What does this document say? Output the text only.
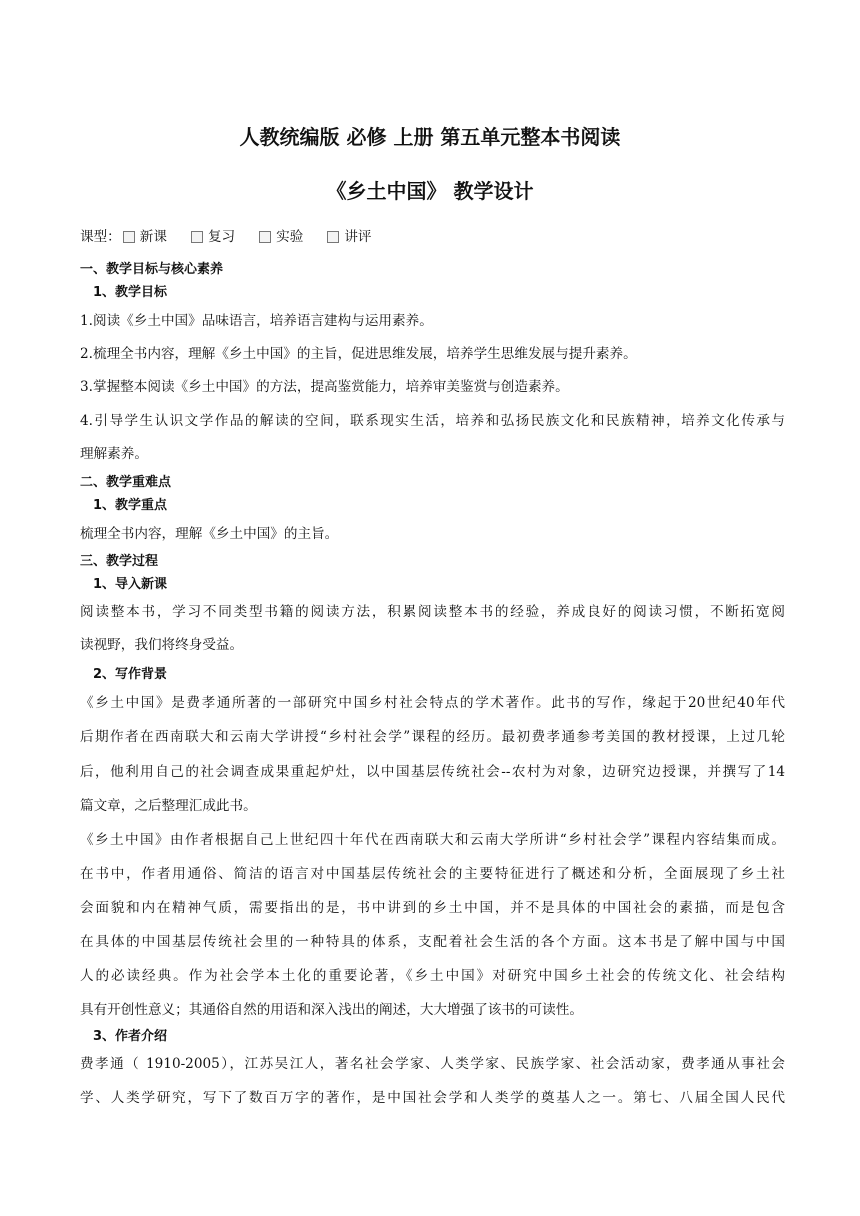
人教统编版 必修 上册 第五单元整本书阅读
《乡土中国》 教学设计
课型： 新课	复习	实验	讲评
一、教学目标与核心素养
1、教学目标
1.阅读《乡土中国》品味语言，培养语言建构与运用素养。
2.梳理全书内容，理解《乡土中国》的主旨，促进思维发展，培养学生思维发展与提升素养。
3.掌握整本阅读《乡土中国》的方法，提高鉴赏能力，培养审美鉴赏与创造素养。
4.引导学生认识文学作品的解读的空间，联系现实生活，培养和弘扬民族文化和民族精神，培养文化传承与
理解素养。
二、教学重难点
1、教学重点
梳理全书内容，理解《乡土中国》的主旨。
三、教学过程
1、导入新课
阅读整本书，学习不同类型书籍的阅读方法，积累阅读整本书的经验，养成良好的阅读习惯，不断拓宽阅
读视野，我们将终身受益。
2、写作背景
《乡土中国》是费孝通所著的一部研究中国乡村社会特点的学术著作。此书的写作，缘起于20世纪40年代
后期作者在西南联大和云南大学讲授“乡村社会学”课程的经历。最初费孝通参考美国的教材授课，上过几轮
后，他利用自己的社会调查成果重起炉灶，以中国基层传统社会--农村为对象，边研究边授课，并撰写了14
篇文章，之后整理汇成此书。
《乡土中国》由作者根据自己上世纪四十年代在西南联大和云南大学所讲“乡村社会学”课程内容结集而成。
在书中，作者用通俗、简洁的语言对中国基层传统社会的主要特征进行了概述和分析，全面展现了乡土社
会面貌和内在精神气质，需要指出的是，书中讲到的乡土中国，并不是具体的中国社会的素描，而是包含
在具体的中国基层传统社会里的一种特具的体系，支配着社会生活的各个方面。这本书是了解中国与中国
人的必读经典。作为社会学本土化的重要论著，《乡土中国》对研究中国乡土社会的传统文化、社会结构
具有开创性意义；其通俗自然的用语和深入浅出的阐述，大大增强了该书的可读性。
3、作者介绍
费孝通（ 1910-2005），江苏吴江人，著名社会学家、人类学家、民族学家、社会活动家，费孝通从事社会
学、人类学研究，写下了数百万字的著作，是中国社会学和人类学的奠基人之一。第七、八届全国人民代
